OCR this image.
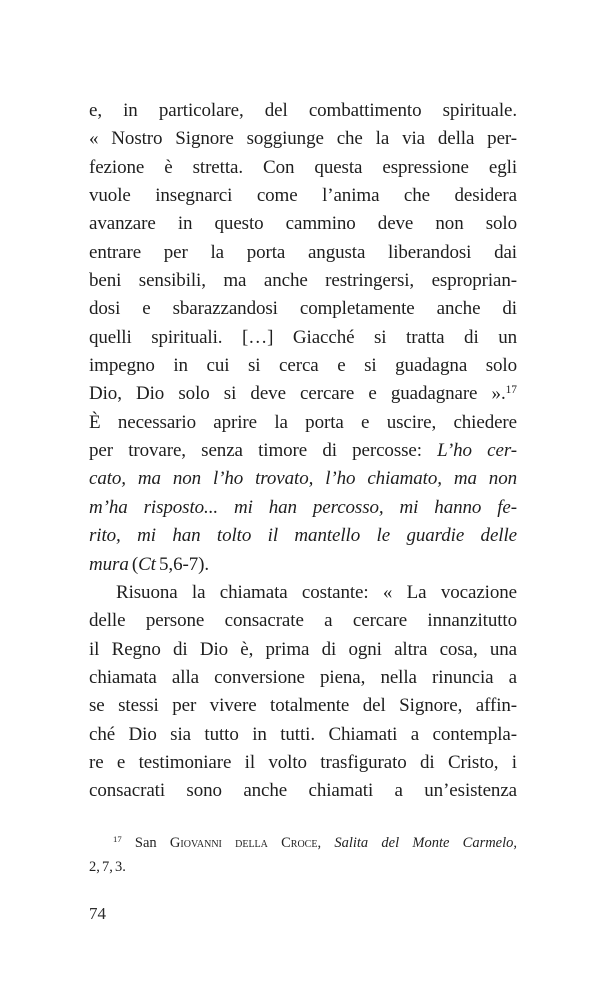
e, in particolare, del combattimento spirituale.
« Nostro Signore soggiunge che la via della per-
fezione è stretta. Con questa espressione egli
vuole insegnarci come l’anima che desidera
avanzare in questo cammino deve non solo
entrare per la porta angusta liberandosi dai
beni sensibili, ma anche restringersi, esproprian-
dosi e sbarazzandosi completamente anche di
quelli spirituali. […] Giacché si tratta di un
impegno in cui si cerca e si guadagna solo
Dio, Dio solo si deve cercare e guadagnare ».$^{17}$
È necessario aprire la porta e uscire, chiedere
per trovare, senza timore di percosse: L’ho cer-
cato, ma non l’ho trovato, l’ho chiamato, ma non
m’ha risposto... mi han percosso, mi hanno fe-
rito, mi han tolto il mantello le guardie delle
mura (Ct 5,6-7).
Risuona la chiamata costante: « La vocazione
delle persone consacrate a cercare innanzitutto
il Regno di Dio è, prima di ogni altra cosa, una
chiamata alla conversione piena, nella rinuncia a
se stessi per vivere totalmente del Signore, affin-
ché Dio sia tutto in tutti. Chiamati a contempla-
re e testimoniare il volto trasfigurato di Cristo, i
consacrati sono anche chiamati a un’esistenza
$^{17}$ San Giovanni della Croce, Salita del Monte Carmelo,
2, 7, 3.
74
